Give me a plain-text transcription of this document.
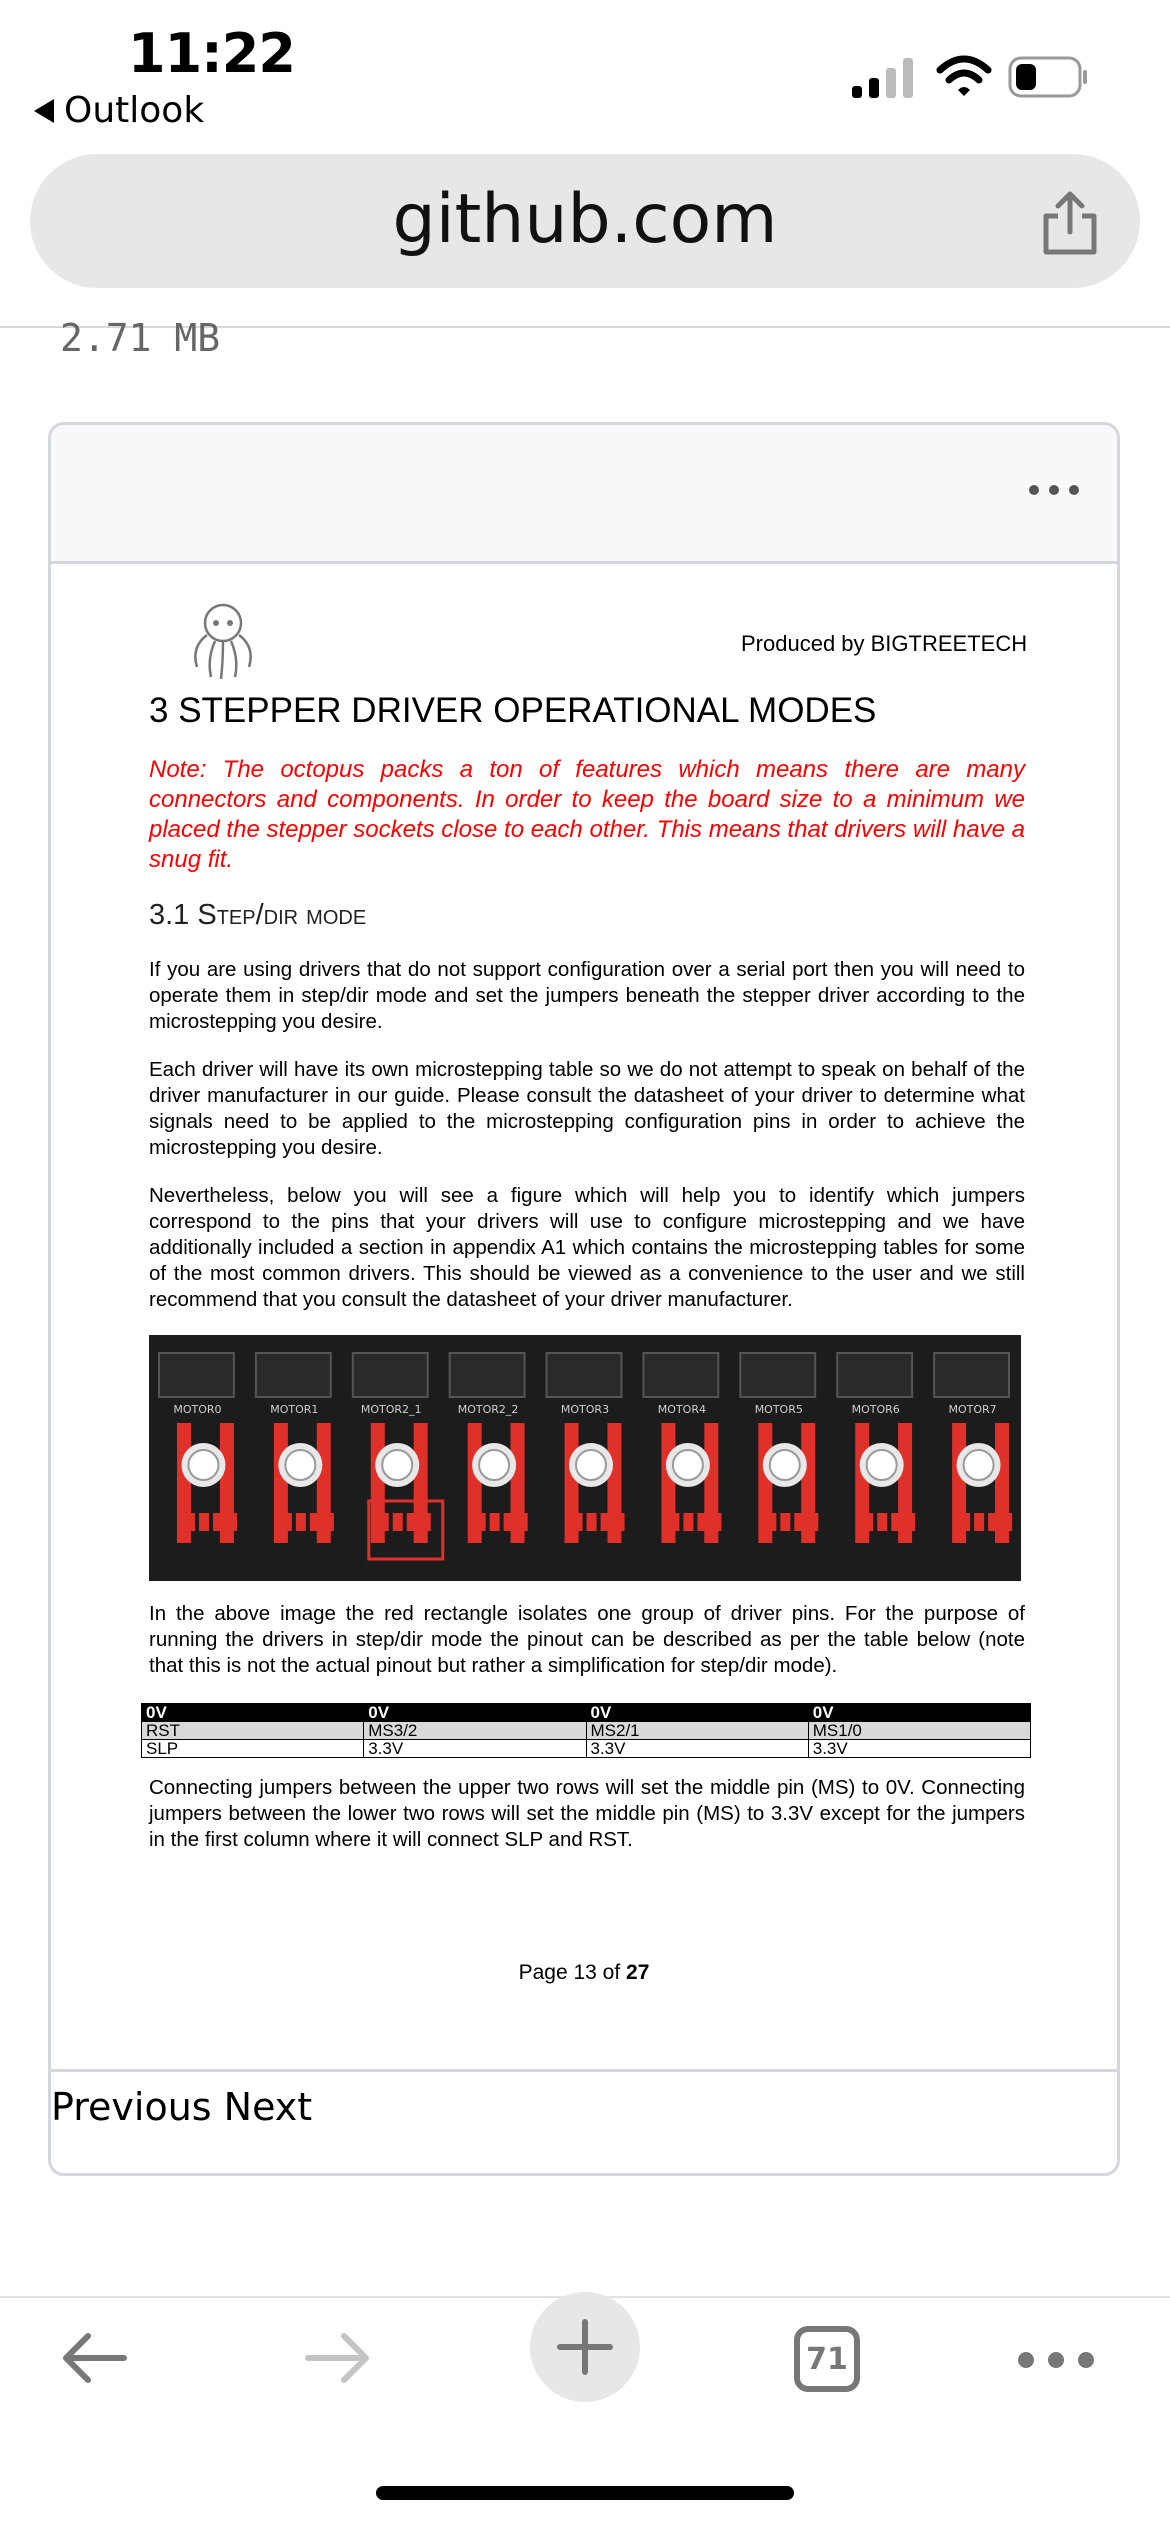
11:22
Outlook
github.com
2.71 MB
Produced by BIGTREETECH
3 STEPPER DRIVER OPERATIONAL MODES
Note: The octopus packs a ton of features which means there are many connectors and components. In order to keep the board size to a minimum we placed the stepper sockets close to each other. This means that drivers will have a snug fit.
3.1 Step/dir mode
If you are using drivers that do not support configuration over a serial port then you will need to operate them in step/dir mode and set the jumpers beneath the stepper driver according to the microstepping you desire.
Each driver will have its own microstepping table so we do not attempt to speak on behalf of the driver manufacturer in our guide. Please consult the datasheet of your driver to determine what signals need to be applied to the microstepping configuration pins in order to achieve the microstepping you desire.
Nevertheless, below you will see a figure which will help you to identify which jumpers correspond to the pins that your drivers will use to configure microstepping and we have additionally included a section in appendix A1 which contains the microstepping tables for some of the most common drivers. This should be viewed as a convenience to the user and we still recommend that you consult the datasheet of your driver manufacturer.
MOTOR0	MOTOR1	MOTOR2_1	MOTOR2_2	MOTOR3	MOTOR4	MOTOR5	MOTOR6	MOTOR7
In the above image the red rectangle isolates one group of driver pins. For the purpose of running the drivers in step/dir mode the pinout can be described as per the table below (note that this is not the actual pinout but rather a simplification for step/dir mode).
0V	0V	0V	0V
RST	MS3/2	MS2/1	MS1/0
SLP	3.3V	3.3V	3.3V
Connecting jumpers between the upper two rows will set the middle pin (MS) to 0V. Connecting jumpers between the lower two rows will set the middle pin (MS) to 3.3V except for the jumpers in the first column where it will connect SLP and RST.
Page 13 of 27
Previous Next
71
